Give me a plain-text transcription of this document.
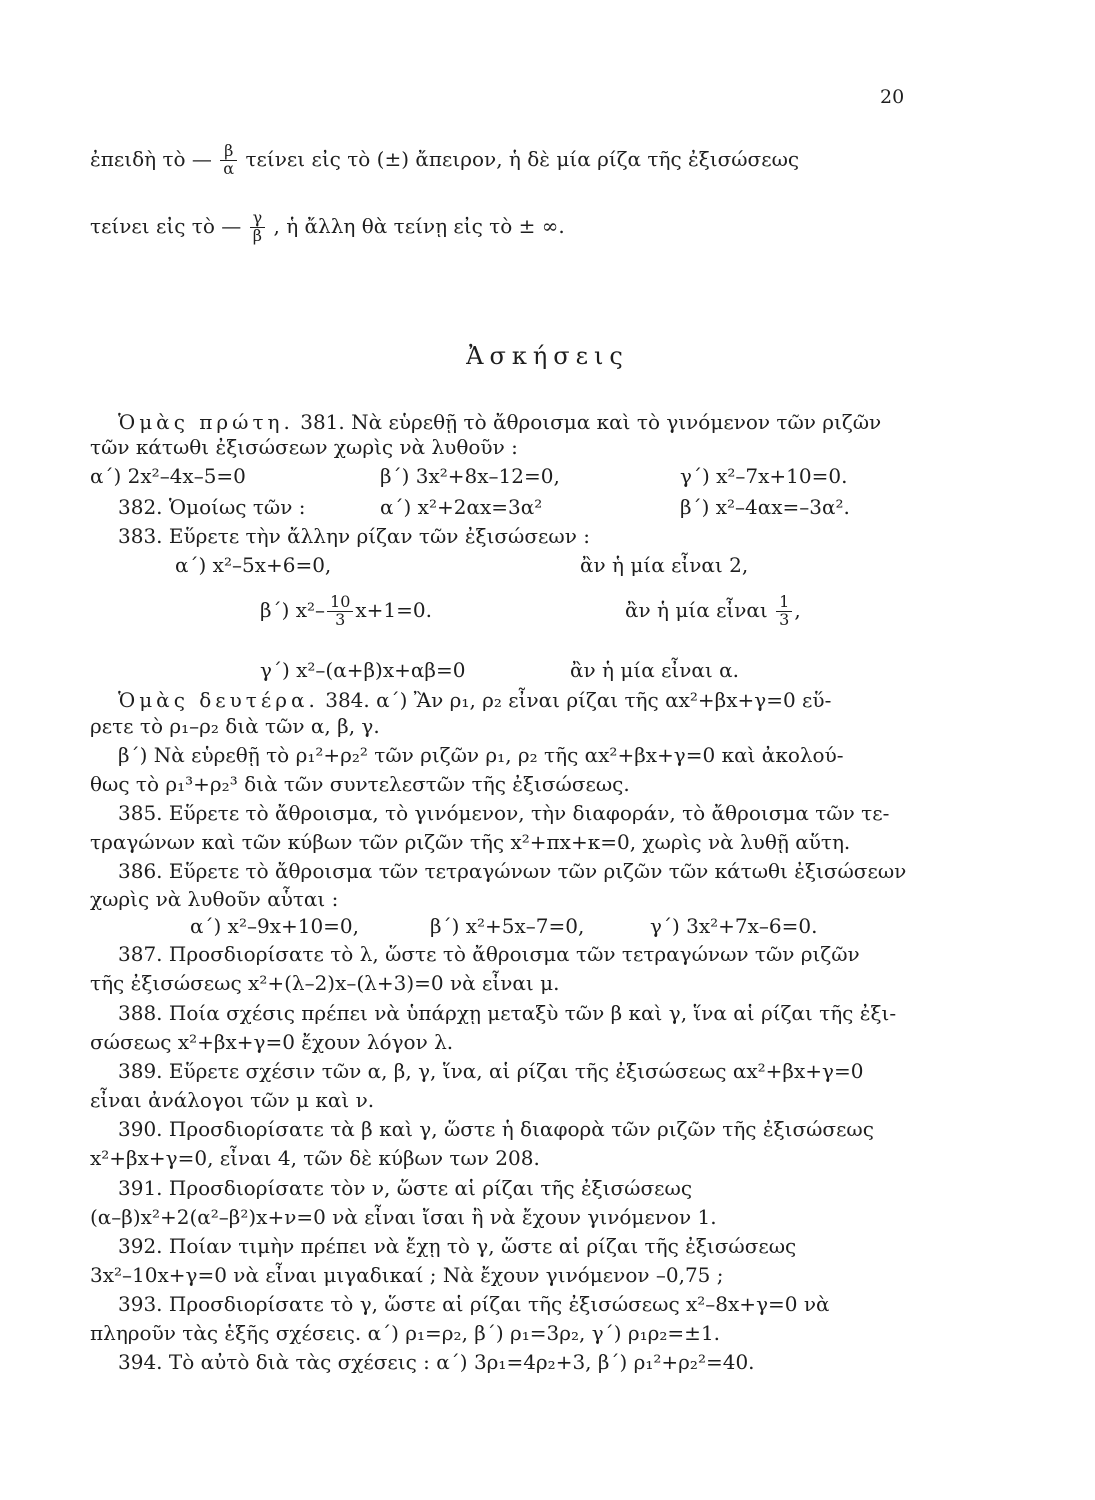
20
ἐπειδὴ τὸ — $\frac{\beta}{\alpha}$ τείνει εἰς τὸ (±) ἄπειρον, ἡ δὲ μία ρίζα τῆς ἐξισώσεως
τείνει εἰς τὸ — $\frac{\gamma}{\beta}$ , ἡ ἄλλη θὰ τείνῃ εἰς τὸ ± ∞.
Ἀσκήσεις
Ὁμὰς πρώτη. 381. Νὰ εὑρεθῇ τὸ ἄθροισμα καὶ τὸ γινόμενον τῶν ριζῶν
τῶν κάτωθι ἐξισώσεων χωρὶς νὰ λυθοῦν :
α΄) 2x²–4x–5=0	β΄) 3x²+8x–12=0,	γ΄) x²–7x+10=0.
382. Ὁμοίως τῶν :	α΄) x²+2αx=3α²	β΄) x²–4αx=–3α².
383. Εὕρετε τὴν ἄλλην ρίζαν τῶν ἐξισώσεων :
α΄) x²–5x+6=0,	ἂν ἡ μία εἶναι 2,
β΄) $x^2- \frac{10}{3} x+1=0$.	ἂν ἡ μία εἶναι $\frac{1}{3}$ ,
γ΄) x²–(α+β)x+αβ=0	ἂν ἡ μία εἶναι α.
Ὁμὰς δευτέρα. 384. α΄) Ἂν ρ₁, ρ₂ εἶναι ρίζαι τῆς αx²+βx+γ=0 εὕ-
ρετε τὸ ρ₁–ρ₂ διὰ τῶν α, β, γ.
β΄) Νὰ εὑρεθῇ τὸ ρ₁²+ρ₂² τῶν ριζῶν ρ₁, ρ₂ τῆς αx²+βx+γ=0 καὶ ἀκολού-
θως τὸ ρ₁³+ρ₂³ διὰ τῶν συντελεστῶν τῆς ἐξισώσεως.
385. Εὕρετε τὸ ἄθροισμα, τὸ γινόμενον, τὴν διαφοράν, τὸ ἄθροισμα τῶν τε-
τραγώνων καὶ τῶν κύβων τῶν ριζῶν τῆς x²+πx+κ=0, χωρὶς νὰ λυθῇ αὕτη.
386. Εὕρετε τὸ ἄθροισμα τῶν τετραγώνων τῶν ριζῶν τῶν κάτωθι ἐξισώσεων
χωρὶς νὰ λυθοῦν αὗται :
α΄) x²–9x+10=0,	β΄) x²+5x–7=0,	γ΄) 3x²+7x–6=0.
387. Προσδιορίσατε τὸ λ, ὥστε τὸ ἄθροισμα τῶν τετραγώνων τῶν ριζῶν
τῆς ἐξισώσεως x²+(λ–2)x–(λ+3)=0 νὰ εἶναι μ.
388. Ποία σχέσις πρέπει νὰ ὑπάρχῃ μεταξὺ τῶν β καὶ γ, ἵνα αἱ ρίζαι τῆς ἐξι-
σώσεως x²+βx+γ=0 ἔχουν λόγον λ.
389. Εὕρετε σχέσιν τῶν α, β, γ, ἵνα, αἱ ρίζαι τῆς ἐξισώσεως αx²+βx+γ=0
εἶναι ἀνάλογοι τῶν μ καὶ ν.
390. Προσδιορίσατε τὰ β καὶ γ, ὥστε ἡ διαφορὰ τῶν ριζῶν τῆς ἐξισώσεως
x²+βx+γ=0, εἶναι 4, τῶν δὲ κύβων των 208.
391. Προσδιορίσατε τὸν ν, ὥστε αἱ ρίζαι τῆς ἐξισώσεως
(α–β)x²+2(α²–β²)x+ν=0 νὰ εἶναι ἴσαι ἢ νὰ ἔχουν γινόμενον 1.
392. Ποίαν τιμὴν πρέπει νὰ ἔχῃ τὸ γ, ὥστε αἱ ρίζαι τῆς ἐξισώσεως
3x²–10x+γ=0 νὰ εἶναι μιγαδικαί ; Νὰ ἔχουν γινόμενον –0,75 ;
393. Προσδιορίσατε τὸ γ, ὥστε αἱ ρίζαι τῆς ἐξισώσεως x²–8x+γ=0 νὰ
πληροῦν τὰς ἑξῆς σχέσεις. α΄) ρ₁=ρ₂, β΄) ρ₁=3ρ₂, γ΄) ρ₁ρ₂=±1.
394. Τὸ αὐτὸ διὰ τὰς σχέσεις : α΄) 3ρ₁=4ρ₂+3, β΄) ρ₁²+ρ₂²=40.
